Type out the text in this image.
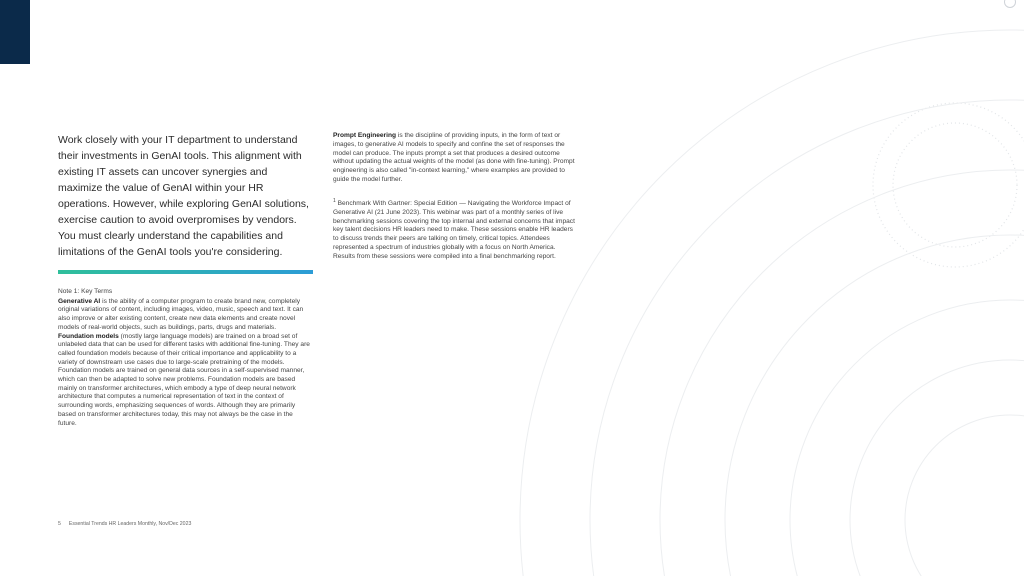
Work closely with your IT department to understand their investments in GenAI tools. This alignment with existing IT assets can uncover synergies and maximize the value of GenAI within your HR operations. However, while exploring GenAI solutions, exercise caution to avoid overpromises by vendors. You must clearly understand the capabilities and limitations of the GenAI tools you're considering.

Note 1: Key Terms

Generative AI is the ability of a computer program to create brand new, completely original variations of content, including images, video, music, speech and text. It can also improve or alter existing content, create new data elements and create novel models of real-world objects, such as buildings, parts, drugs and materials.

Foundation models (mostly large language models) are trained on a broad set of unlabeled data that can be used for different tasks with additional fine-tuning. They are called foundation models because of their critical importance and applicability to a variety of downstream use cases due to large-scale pretraining of the models. Foundation models are trained on general data sources in a self-supervised manner, which can then be adapted to solve new problems. Foundation models are based mainly on transformer architectures, which embody a type of deep neural network architecture that computes a numerical representation of text in the context of surrounding words, emphasizing sequences of words. Although they are primarily based on transformer architectures today, this may not always be the case in the future.

Prompt Engineering is the discipline of providing inputs, in the form of text or images, to generative AI models to specify and confine the set of responses the model can produce. The inputs prompt a set that produces a desired outcome without updating the actual weights of the model (as done with fine-tuning). Prompt engineering is also called "in-context learning," where examples are provided to guide the model further.

$^1$ Benchmark With Gartner: Special Edition — Navigating the Workforce Impact of Generative AI (21 June 2023). This webinar was part of a monthly series of live benchmarking sessions covering the top internal and external concerns that impact key talent decisions HR leaders need to make. These sessions enable HR leaders to discuss trends their peers are talking on timely, critical topics. Attendees represented a spectrum of industries globally with a focus on North America. Results from these sessions were compiled into a final benchmarking report.

5 Essential Trends HR Leaders Monthly, Nov/Dec 2023
